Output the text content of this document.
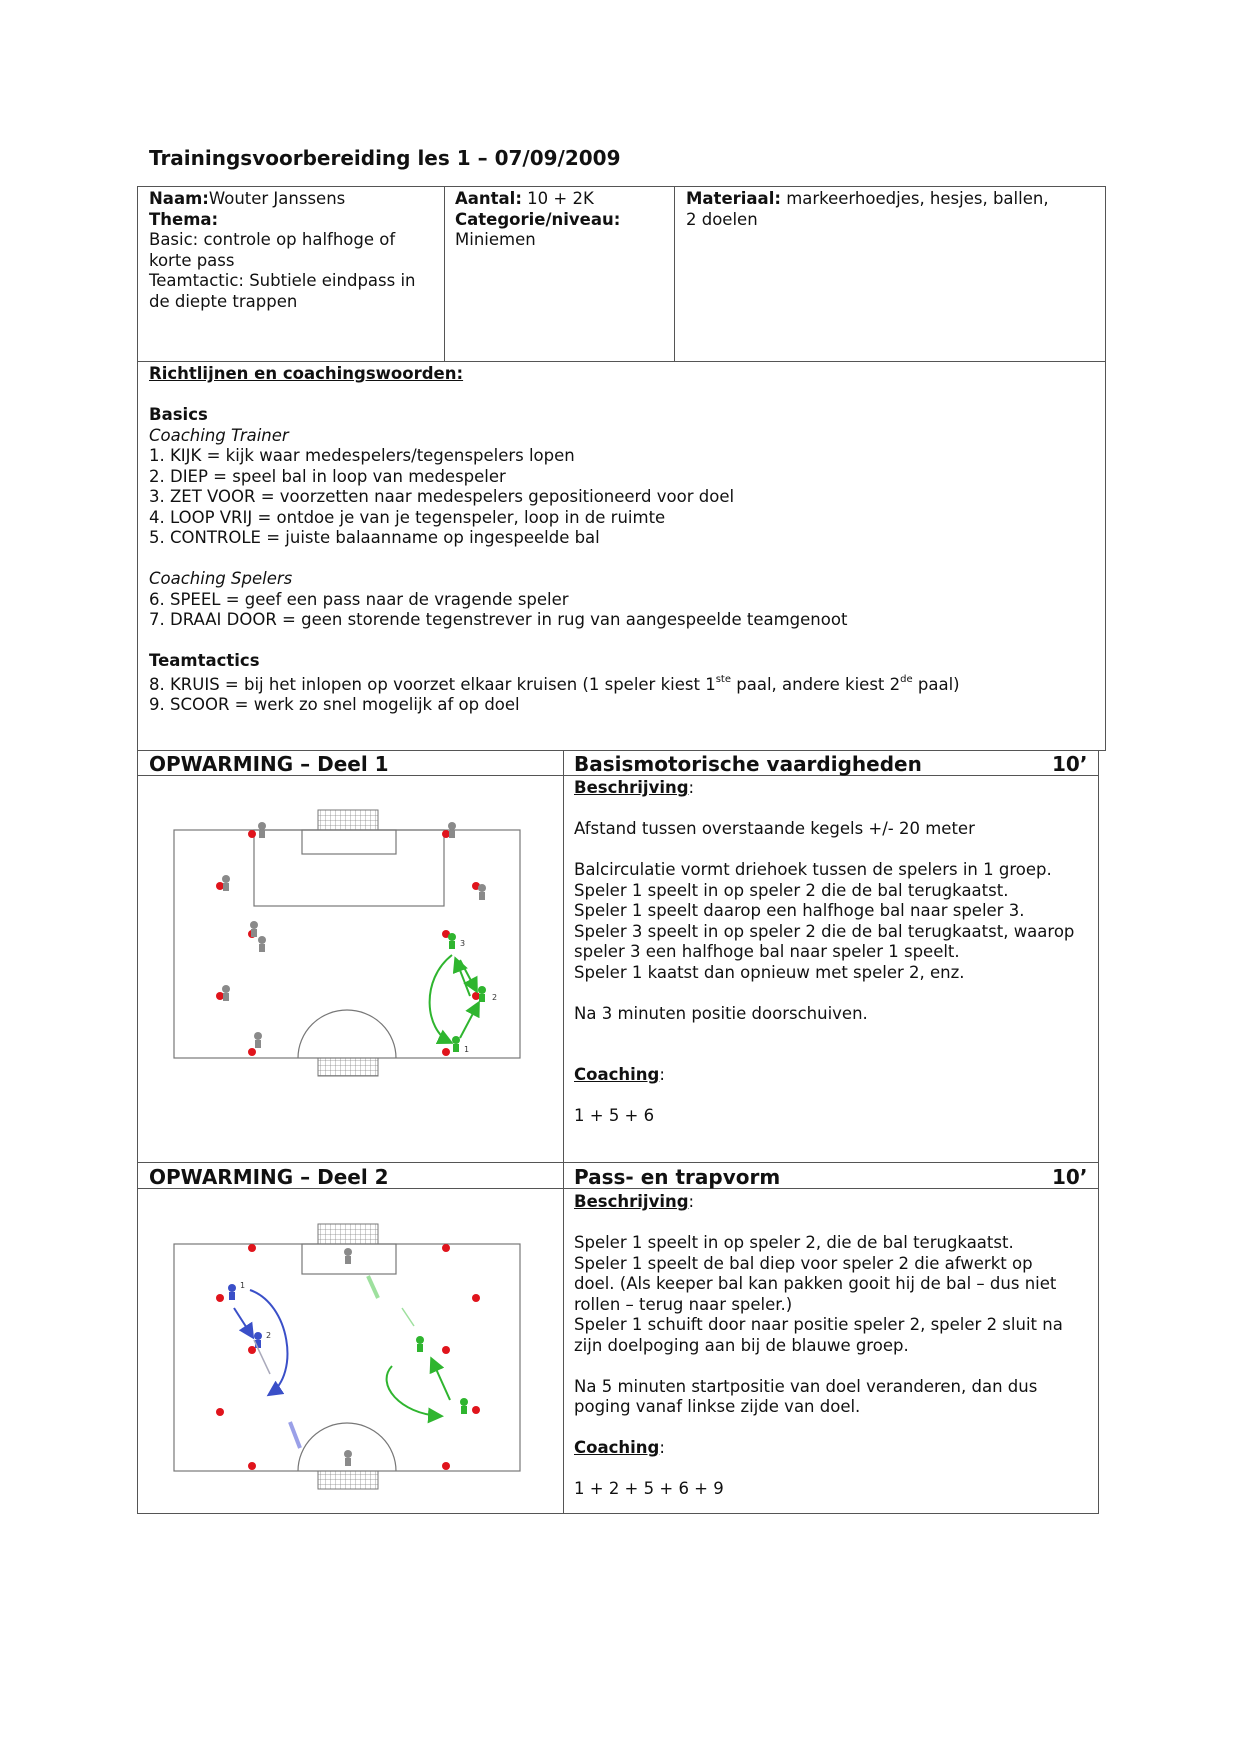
Trainingsvoorbereiding les 1 – 07/09/2009
Naam:Wouter Janssens
Thema:
Basic: controle op halfhoge of
korte pass
Teamtactic: Subtiele eindpass in
de diepte trappen
Aantal: 10 + 2K
Categorie/niveau:
Miniemen
Materiaal: markeerhoedjes, hesjes, ballen,
2 doelen
Richtlijnen en coachingswoorden:

Basics
Coaching Trainer
1. KIJK = kijk waar medespelers/tegenspelers lopen
2. DIEP = speel bal in loop van medespeler
3. ZET VOOR = voorzetten naar medespelers gepositioneerd voor doel
4. LOOP VRIJ = ontdoe je van je tegenspeler, loop in de ruimte
5. CONTROLE = juiste balaanname op ingespeelde bal

Coaching Spelers
6. SPEEL = geef een pass naar de vragende speler
7. DRAAI DOOR = geen storende tegenstrever in rug van aangespeelde teamgenoot

Teamtactics
8. KRUIS = bij het inlopen op voorzet elkaar kruisen (1 speler kiest 1ste paal, andere kiest 2de paal)
9. SCOOR = werk zo snel mogelijk af op doel
OPWARMING – Deel 1	Basismotorische vaardigheden	10’
Beschrijving:

Afstand tussen overstaande kegels +/- 20 meter

Balcirculatie vormt driehoek tussen de spelers in 1 groep.
Speler 1 speelt in op speler 2 die de bal terugkaatst.
Speler 1 speelt daarop een halfhoge bal naar speler 3.
Speler 3 speelt in op speler 2 die de bal terugkaatst, waarop
speler 3 een halfhoge bal naar speler 1 speelt.
Speler 1 kaatst dan opnieuw met speler 2, enz.

Na 3 minuten positie doorschuiven.

Coaching:

1 + 5 + 6
3
2
1
OPWARMING – Deel 2	Pass- en trapvorm	10’
Beschrijving:

Speler 1 speelt in op speler 2, die de bal terugkaatst.
Speler 1 speelt de bal diep voor speler 2 die afwerkt op
doel. (Als keeper bal kan pakken gooit hij de bal – dus niet
rollen – terug naar speler.)
Speler 1 schuift door naar positie speler 2, speler 2 sluit na
zijn doelpoging aan bij de blauwe groep.

Na 5 minuten startpositie van doel veranderen, dan dus
poging vanaf linkse zijde van doel.

Coaching:

1 + 2 + 5 + 6 + 9
1
2
